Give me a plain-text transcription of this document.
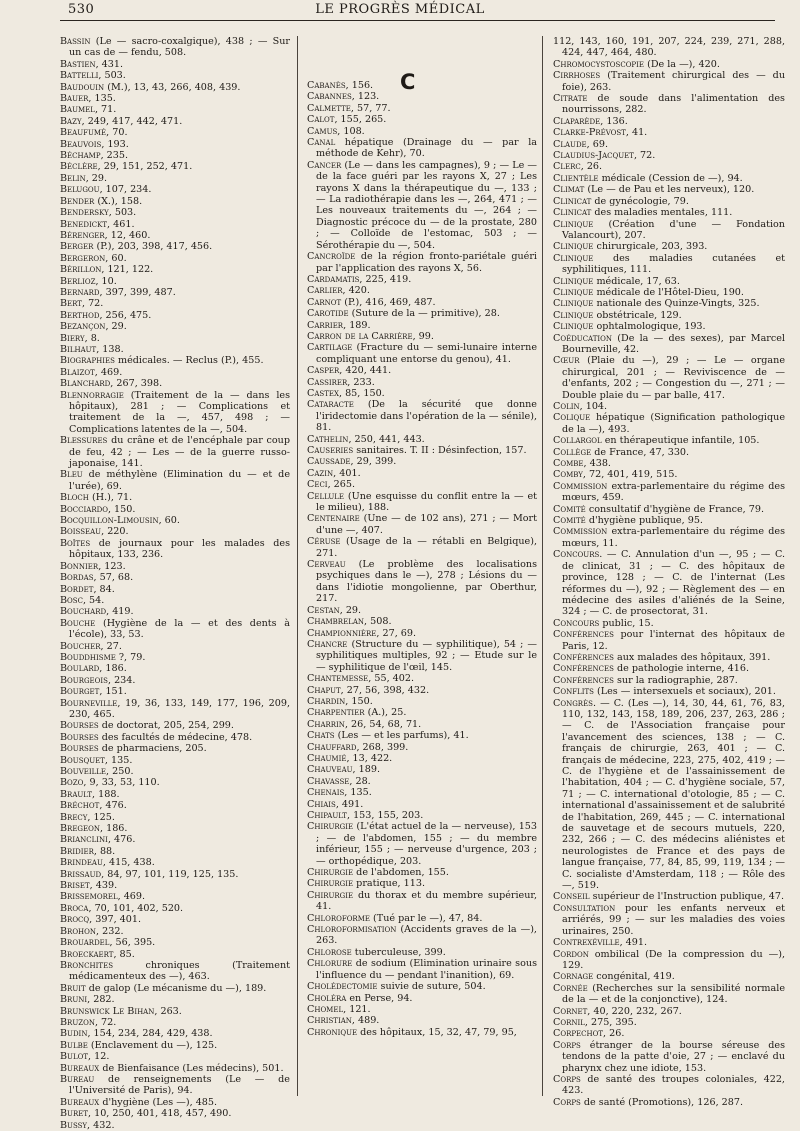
530	LE PROGRÈS MÉDICAL
C

Bassin (Le — sacro-coxalgique), 438 ; — Sur un cas de — fendu, 508.

Bastien, 431.

Battelli, 503.

Baudouin (M.), 13, 43, 266, 408, 439.

Bauer, 135.

Baumel, 71.

Bazy, 249, 417, 442, 471.

Beaufumé, 70.

Beauvois, 193.

Béchamp, 235.

Béclère, 29, 151, 252, 471.

Belin, 29.

Belugou, 107, 234.

Bender (X.), 158.

Bendersky, 503.

Benedickt, 461.

Bérenger, 12, 460.

Berger (P.), 203, 398, 417, 456.

Bergeron, 60.

Bérillon, 121, 122.

Berlioz, 10.

Bernard, 397, 399, 487.

Bert, 72.

Berthod, 256, 475.

Bezançon, 29.

Biery, 8.

Bilhaut, 138.

Biographies médicales. — Reclus (P.), 455.

Blaizot, 469.

Blanchard, 267, 398.

Blennorragie (Traitement de la — dans les hôpitaux), 281 ; — Complications et traitement de la —, 457, 498 ; — Complications latentes de la —, 504.

Blessures du crâne et de l'encéphale par coup de feu, 42 ; — Les — de la guerre russo-japonaise, 141.

Bleu de méthylène (Elimination du — et de l'urée), 69.

Bloch (H.), 71.

Bocciardo, 150.

Bocquillon-Limousin, 60.

Boisseau, 220.

Boîtes de journaux pour les malades des hôpitaux, 133, 236.

Bonnier, 123.

Bordas, 57, 68.

Bordet, 84.

Bosc, 54.

Bouchard, 419.

Bouche (Hygiène de la — et des dents à l'école), 33, 53.

Boucher, 27.

Bouddhisme ?, 79.

Boulard, 186.

Bourgeois, 234.

Bourget, 151.

Bourneville, 19, 36, 133, 149, 177, 196, 209, 230, 465.

Bourses de doctorat, 205, 254, 299.

Bourses des facultés de médecine, 478.

Bourses de pharmaciens, 205.

Bousquet, 135.

Bouveille, 250.

Bozo, 9, 33, 53, 110.

Brault, 188.

Bréchot, 476.

Brecy, 125.

Bregeon, 186.

Brianclini, 476.

Bridier, 88.

Brindeau, 415, 438.

Brissaud, 84, 97, 101, 119, 125, 135.

Briset, 439.

Brissemorel, 469.

Broca, 70, 101, 402, 520.

Brocq, 397, 401.

Brohon, 232.

Brouardel, 56, 395.

Broeckaert, 85.

Bronchites chroniques (Traitement médicamenteux des —), 463.

Bruit de galop (Le mécanisme du —), 189.

Bruni, 282.

Brunswick Le Bihan, 263.

Bruzon, 72.

Budin, 154, 234, 284, 429, 438.

Bulbe (Enclavement du —), 125.

Bulot, 12.

Bureaux de Bienfaisance (Les médecins), 501.

Bureau de renseignements (Le — de l'Université de Paris), 94.

Bureaux d'hygiène (Les —), 485.

Buret, 10, 250, 401, 418, 457, 490.

Bussy, 432.

Cabanès, 156.

Cabannes, 123.

Calmette, 57, 77.

Calot, 155, 265.

Camus, 108.

Canal hépatique (Drainage du — par la méthode de Kehr), 70.

Cancer (Le — dans les campagnes), 9 ; — Le — de la face guéri par les rayons X, 27 ; Les rayons X dans la thérapeutique du —, 133 ; — La radiothérapie dans les —, 264, 471 ; — Les nouveaux traitements du —, 264 ; — Diagnostic précoce du — de la prostate, 280 ; — Colloïde de l'estomac, 503 ; — Sérothérapie du —, 504.

Cancroïde de la région fronto-pariétale guéri par l'application des rayons X, 56.

Cardamatis, 225, 419.

Carlier, 420.

Carnot (P.), 416, 469, 487.

Carotide (Suture de la — primitive), 28.

Carrier, 189.

Carron de la Carrière, 99.

Cartilage (Fracture du — semi-lunaire interne compliquant une entorse du genou), 41.

Casper, 420, 441.

Cassirer, 233.

Castex, 85, 150.

Cataracte (De la sécurité que donne l'iridectomie dans l'opération de la — sénile), 81.

Cathelin, 250, 441, 443.

Causeries sanitaires. T. II : Désinfection, 157.

Caussade, 29, 399.

Cazin, 401.

Ceci, 265.

Cellule (Une esquisse du conflit entre la — et le milieu), 188.

Centenaire (Une — de 102 ans), 271 ; — Mort d'une —, 407.

Céruse (Usage de la — rétabli en Belgique), 271.

Cerveau (Le problème des localisations psychiques dans le —), 278 ; Lésions du — dans l'idiotie mongolienne, par Oberthur, 217.

Cestan, 29.

Chambrelan, 508.

Championnière, 27, 69.

Chancre (Structure du — syphilitique), 54 ; — syphilitiques multiples, 92 ; — Etude sur le — syphilitique de l'œil, 145.

Chantemesse, 55, 402.

Chaput, 27, 56, 398, 432.

Chardin, 150.

Charpentier (A.), 25.

Charrin, 26, 54, 68, 71.

Chats (Les — et les parfums), 41.

Chauffard, 268, 399.

Chaumié, 13, 422.

Chauveau, 189.

Chavasse, 28.

Chenais, 135.

Chiais, 491.

Chipault, 153, 155, 203.

Chirurgie (L'état actuel de la — nerveuse), 153 ; — de l'abdomen, 155 ; — du membre inférieur, 155 ; — nerveuse d'urgence, 203 ; — orthopédique, 203.

Chirurgie de l'abdomen, 155.

Chirurgie pratique, 113.

Chirurgie du thorax et du membre supérieur, 41.

Chloroforme (Tué par le —), 47, 84.

Chloroformisation (Accidents graves de la —), 263.

Chlorose tuberculeuse, 399.

Chlorure de sodium (Elimination urinaire sous l'influence du — pendant l'inanition), 69.

Cholédectomie suivie de suture, 504.

Choléra en Perse, 94.

Chomel, 121.

Christian, 489.

Chronique des hôpitaux, 15, 32, 47, 79, 95,

112, 143, 160, 191, 207, 224, 239, 271, 288, 424, 447, 464, 480.

Chromocystoscopie (De la —), 420.

Cirrhoses (Traitement chirurgical des — du foie), 263.

Citrate de soude dans l'alimentation des nourrissons, 282.

Claparède, 136.

Clarke-Prévost, 41.

Claude, 69.

Claudius-Jacquet, 72.

Clerc, 26.

Clientèle médicale (Cession de —), 94.

Climat (Le — de Pau et les nerveux), 120.

Clinicat de gynécologie, 79.

Clinicat des maladies mentales, 111.

Clinique (Création d'une — Fondation Valancourt), 207.

Clinique chirurgicale, 203, 393.

Clinique des maladies cutanées et syphilitiques, 111.

Clinique médicale, 17, 63.

Clinique médicale de l'Hôtel-Dieu, 190.

Clinique nationale des Quinze-Vingts, 325.

Clinique obstétricale, 129.

Clinique ophtalmologique, 193.

Coéducation (De la — des sexes), par Marcel Bourneville, 42.

Cœur (Plaie du —), 29 ; — Le — organe chirurgical, 201 ; — Reviviscence de — d'enfants, 202 ; — Congestion du —, 271 ; — Double plaie du — par balle, 417.

Colin, 104.

Colique hépatique (Signification pathologique de la —), 493.

Collargol en thérapeutique infantile, 105.

Collège de France, 47, 330.

Combe, 438.

Comby, 72, 401, 419, 515.

Commission extra-parlementaire du régime des mœurs, 459.

Comité consultatif d'hygiène de France, 79.

Comité d'hygiène publique, 95.

Commission extra-parlementaire du régime des mœurs, 11.

Concours. — C. Annulation d'un —, 95 ; — C. de clinicat, 31 ; — C. des hôpitaux de province, 128 ; — C. de l'internat (Les réformes du —), 92 ; — Règlement des — en médecine des asiles d'aliénés de la Seine, 324 ; — C. de prosectorat, 31.

Concours public, 15.

Conférences pour l'internat des hôpitaux de Paris, 12.

Conférences aux malades des hôpitaux, 391.

Conférences de pathologie interne, 416.

Conférences sur la radiographie, 287.

Conflits (Les — intersexuels et sociaux), 201.

Congrès. — C. (Les —), 14, 30, 44, 61, 76, 83, 110, 132, 143, 158, 189, 206, 237, 263, 286 ; — C. de l'Association française pour l'avancement des sciences, 138 ; — C. français de chirurgie, 263, 401 ; — C. français de médecine, 223, 275, 402, 419 ; — C. de l'hygiène et de l'assainissement de l'habitation, 404 ; — C. d'hygiène sociale, 57, 71 ; — C. international d'otologie, 85 ; — C. international d'assainissement et de salubrité de l'habitation, 269, 445 ; — C. international de sauvetage et de secours mutuels, 220, 232, 266 ; — C. des médecins aliénistes et neurologistes de France et des pays de langue française, 77, 84, 85, 99, 119, 134 ; — C. socialiste d'Amsterdam, 118 ; — Rôle des —, 519.

Conseil supérieur de l'Instruction publique, 47.

Consultation pour les enfants nerveux et arriérés, 99 ; — sur les maladies des voies urinaires, 250.

Contrexéville, 491.

Cordon ombilical (De la compression du —), 129.

Cornage congénital, 419.

Cornée (Recherches sur la sensibilité normale de la — et de la conjonctive), 124.

Cornet, 40, 220, 232, 267.

Cornil, 275, 395.

Corpechot, 26.

Corps étranger de la bourse séreuse des tendons de la patte d'oie, 27 ; — enclavé du pharynx chez une idiote, 153.

Corps de santé des troupes coloniales, 422, 423.

Corps de santé (Promotions), 126, 287.
